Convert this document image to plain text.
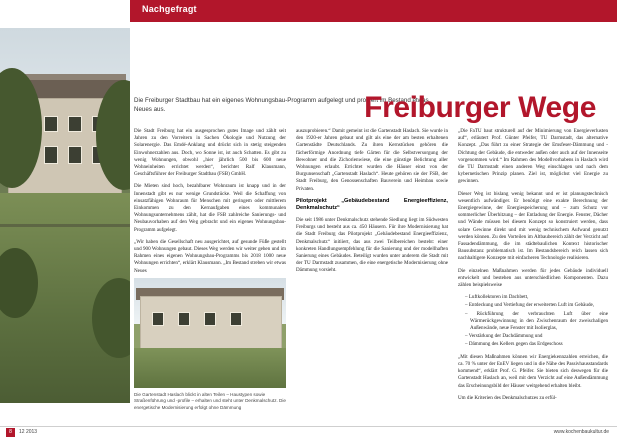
Nachgefragt
Die Freiburger Stadtbau hat ein eigenes Wohnungsbau-Programm aufgelegt und probiert im Bestand etwas Neues aus.	Freiburger Wege

Die Stadt Freiburg hat ein ausgesprochen gutes Image und zählt seit Jahren zu den Vorreitern in Sachen Ökologie und Nutzung der Solarenergie. Das Emdé-Anklang und drückt sich in stetig steigenden Einwohnerzahlen aus. Doch, wo Sonne ist, ist auch Schatten. Es gibt zu wenig Wohnungen, obwohl „hier jährlich 500 bis 600 neue Wohneinheiten errichtet werden“, berichtet Ralf Klausmann, Geschäftsführer der Freiburger Stadtbau (FSB) GmbH.

Die Mieten sind hoch, bezahlbarer Wohnraum ist knapp und in der Innenstadt gibt es nur wenige Grundstücke. Weil die Schaffung von einsatzfähigen Wohnraum für Menschen mit geringem oder mittlerem Einkommen zu den Kernaufgaben eines kommunalen Wohnungsunternehmens zählt, hat die FSB zahlreiche Sanierungs- und Neubauvorhaben auf den Weg gebracht und ein eigenes Wohnungsbau-Programm aufgelegt.

„Wir haben die Gesellschaft neu ausgerichtet, auf gesunde Füße gestellt und 900 Wohnungen gebaut. Dieses Weg werden wir weiter gehen und im Rahmen eines eigenen Wohnungsbau-Programms bis 2018 1000 neue Wohnungen errichten“, erklärt Klausmann. „Im Bestand streben wir etwas Neues

auszuprobieren.“ Damit gemeint ist die Gartenstadt Haslach. Sie wurde in den 1920-er Jahren gebaut und gilt als eine der am besten erhaltenen Gartenstädte Deutschlands. Zu ihren Kernstücken gehören die fächerförmige Anordnung tiefe Gärten für die Selbstversorgung der Bewohner und die Zichorienwiese, die eine günstige Belichtung aller Wohnungen erlaubt. Errichtet wurden die Häuser einst von der Burgunsenschaft „Gartenstadt Haslach“. Heute gehören sie der FSB, der Stadt Freiburg, den Genossenschaften Bauverein und Heimbau sowie Privaten.

Pilotprojekt „Gebäudebestand Energieeffizienz, Denkmalschutz“

Die seit 1986 unter Denkmalschutz stehende Siedlung liegt im Südwesten Freiburgs und besteht aus ca. 450 Häusern. Für ihre Modernisierung hat die Stadt Freiburg das Pilotprojekt „Gebäudebestand Energieeffizienz, Denkmalschutz“ initiiert, das aus zwei Teilbereichen besteht: einer konkreten Handlungsempfehlung für die Sanierung und der modellhaften Sanierung eines Gebäudes. Beteiligt wurden unter anderem die Stadt mit der TU Darmstadt zusammen, die eine energetische Modernisierung ohne Dämmung vorsieht.

„Die FaTU baut strukturell auf der Minimierung von Energieverlusten auf“, erläutert Prof. Günter Pfeifer, TU Darmstadt, das alternative Konzept. „Das führt zu einer Strategie der Emsfeser-Dämmung und -Dichtung der Gebäude, die entweder außen oder auch auf der Innenseite vorgenommen wird.“ Im Rahmen des Modellvorhabens in Haslach wird die TU Darmstadt einen anderen Weg einschlagen und nach dem kybernetischen Prinzip planen. Ziel ist, möglichst viel Energie zu gewinnen.

Dieser Weg ist bislang wenig bekannt und er ist planungstechnisch wesentlich aufwändiger. Er benötigt eine exakte Berechnung der Energiegewinne, der Energiespeicherung und – zum Schutz vor sommerlicher Überhitzung – der Entladung der Energie. Fenster, Dächer und Wände müssen bei diesem Konzept so konstruiert werden, dass solare Gewinne direkt und mit wenig technischem Aufwand genutzt werden können. Zu den Vorteilen im Altbaubereich zählt der Verzicht auf Fassadendämmung, die im städtebaulichen Kontext historischer Bausubstanz problematisch ist. Im Bestandsbereich reich lassen sich nachhaltigere Konzepte mit einfacheren Technologie realisieren.

Die einzelnen Maßnahmen werden für jedes Gebäude individuell entwickelt und bestehen aus unterschiedlichen Komponenten. Dazu zählen beispielsweise

– Luftkollektoren im Dachbett,
– Entdeckung und Vertiefung der erweiterten Luft im Gebäude,
– Rückführung der verbrauchten Luft über eine Wärmerückgewinnung in den Zwischenraum der zweischaligen Außenwände, neue Fenster mit Isolierglas,
– Verstärkung der Dachdämmung und
– Dämmung des Kellers gegen das Erdgeschoss

„Mit diesen Maßnahmen können wir Energiekennzahlen erreichen, die ca. 70 % unter der EnEV liegen und in die Nähe des Passivhausstandards kommend“, erklärt Prof. G. Pfeifer. Sie bieten sich deswegen für die Gartenstadt Haslach an, weil mit dem Verzicht auf eine Außendämmung das Erscheinungsbild der Häuser weitgehend erhalten bleibt.

Um die Kriterien des Denkmalschutzes zu erfül-

Die Gartenstadt Haslach blickt in alten Teilen – Haustypen sowie Straßenführung und -profile – erhalten und steht unter Denkmalschutz. Die energetische Modernisierung erfolgt ohne Dämmung
8	12 2013	www.kochenbaukultur.de
